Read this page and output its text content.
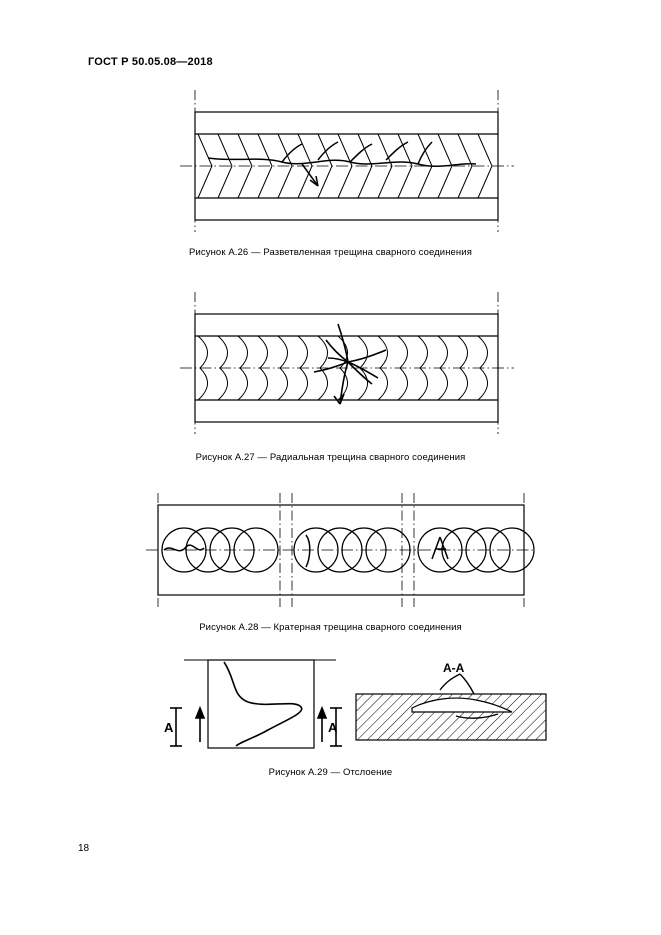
ГОСТ Р 50.05.08—2018
Рисунок А.26 — Разветвленная трещина сварного соединения
Рисунок А.27 — Радиальная трещина сварного соединения
Рисунок А.28 — Кратерная трещина сварного соединения
A	A
A-A
Рисунок А.29 — Отслоение
18
